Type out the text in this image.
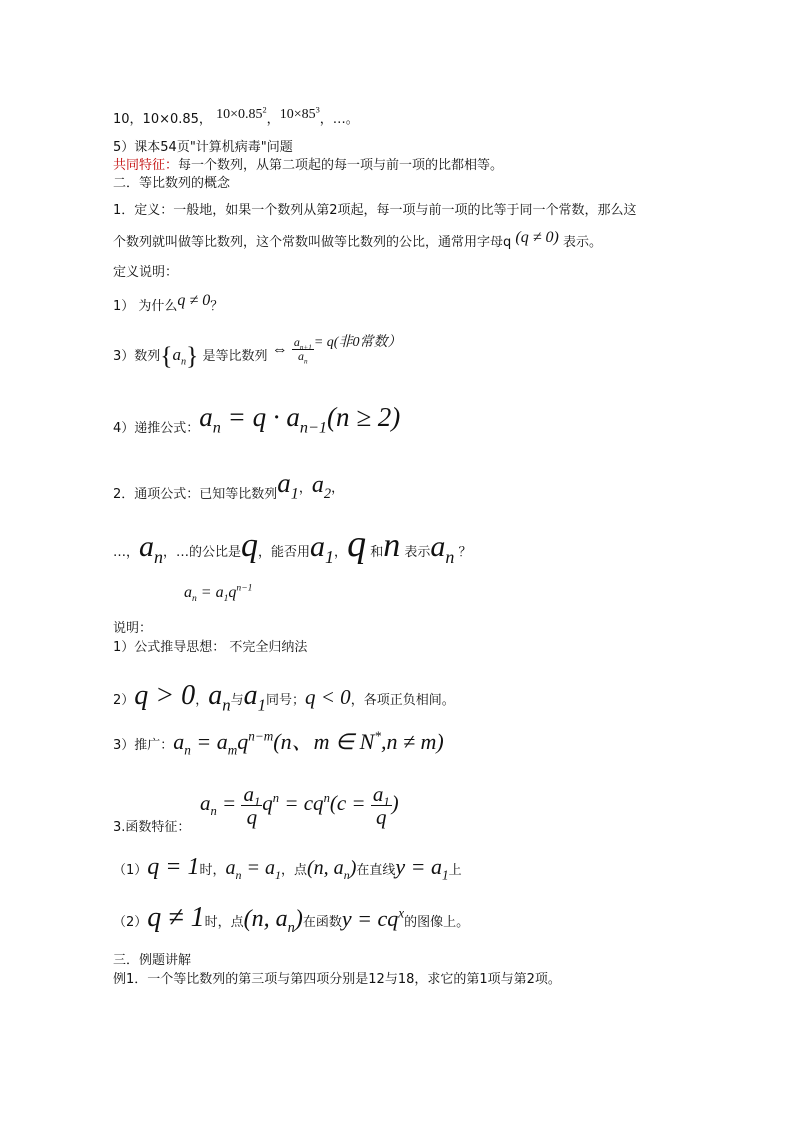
10，10×0.85， $10\times 0.85^2$，$10\times 85^3$，…。
5）课本54页"计算机病毒"问题
共同特征：每一个数列，从第二项起的每一项与前一项的比都相等。
二．等比数列的概念
1．定义：一般地，如果一个数列从第2项起，每一项与前一项的比等于同一个常数，那么这
个数列就叫做等比数列，这个常数叫做等比数列的公比，通常用字母q (q ≠ 0) 表示。
定义说明：
1） 为什么q ≠ 0？
3）数列$\{a_n\}$ 是等比数列 ⇔ $\frac{a_{n+1}}{a_n} = q$(非0常数）
4）递推公式：$a_n = q \cdot a_{n-1}(n \ge 2)$
2．通项公式：已知等比数列$a_1$，$a_2$，
…，$a_n$，…的公比是q，能否用$a_1$，q 和n 表示$a_n$ ？
$a_n = a_1q^{n-1}$
说明：
1）公式推导思想： 不完全归纳法
2）q > 0，$a_n$与$a_1$同号；q < 0，各项正负相间。
3）推广：$a_n = a_mq^{n-m}(n$、m ∈ N*,n ≠ m)
$a_n = \frac{a_1}{q} q^n = cq^n(c = \frac{a_1}{q}$ )
3.函数特征：
（1）q = 1时，$a_n = a_1$，点(n, $a_n$)在直线$y = a_1$上
（2）q ≠ 1时，点(n, $a_n$)在函数$y = cq^x$的图像上。
三．例题讲解
例1．一个等比数列的第三项与第四项分别是12与18，求它的第1项与第2项。
